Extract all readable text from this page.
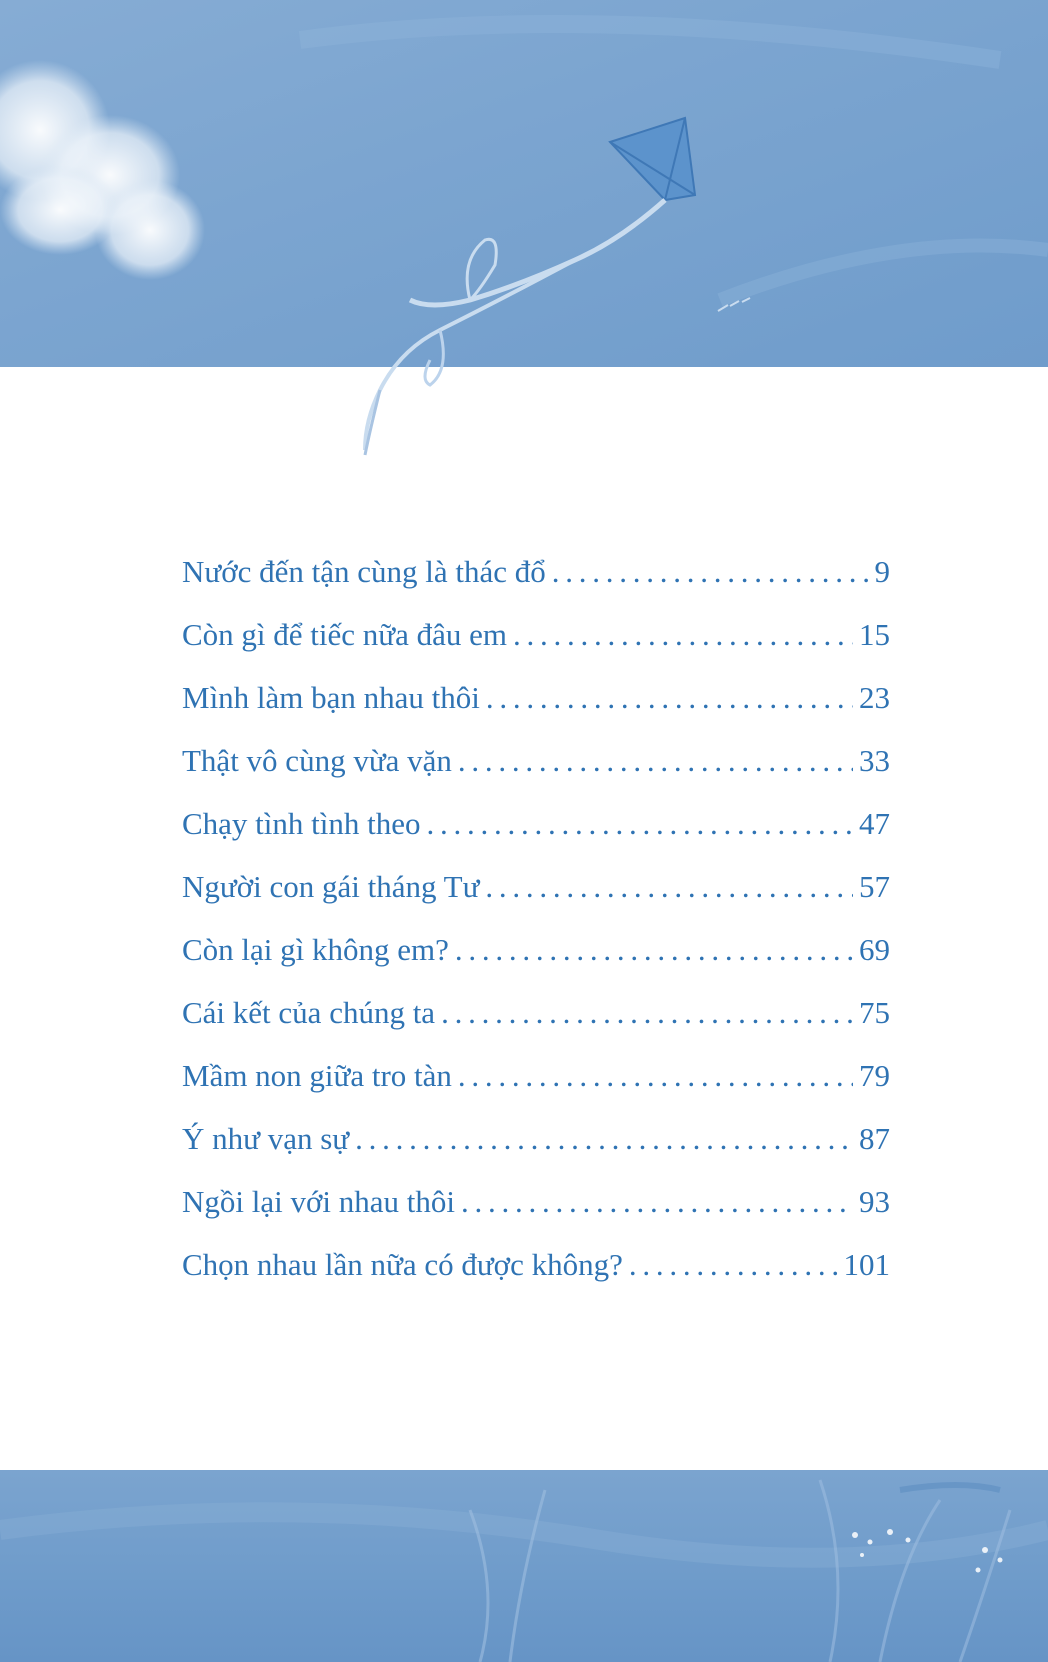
Nước đến tận cùng là thác đổ . . .	9
Còn gì để tiếc nữa đâu em . . .	15
Mình làm bạn nhau thôi . . .	23
Thật vô cùng vừa vặn . . .	33
Chạy tình tình theo . . .	47
Người con gái tháng Tư . . .	57
Còn lại gì không em? . . .	69
Cái kết của chúng ta . . .	75
Mầm non giữa tro tàn . . .	79
Ý như vạn sự . . .	87
Ngồi lại với nhau thôi . . .	93
Chọn nhau lần nữa có được không? . . .	101
